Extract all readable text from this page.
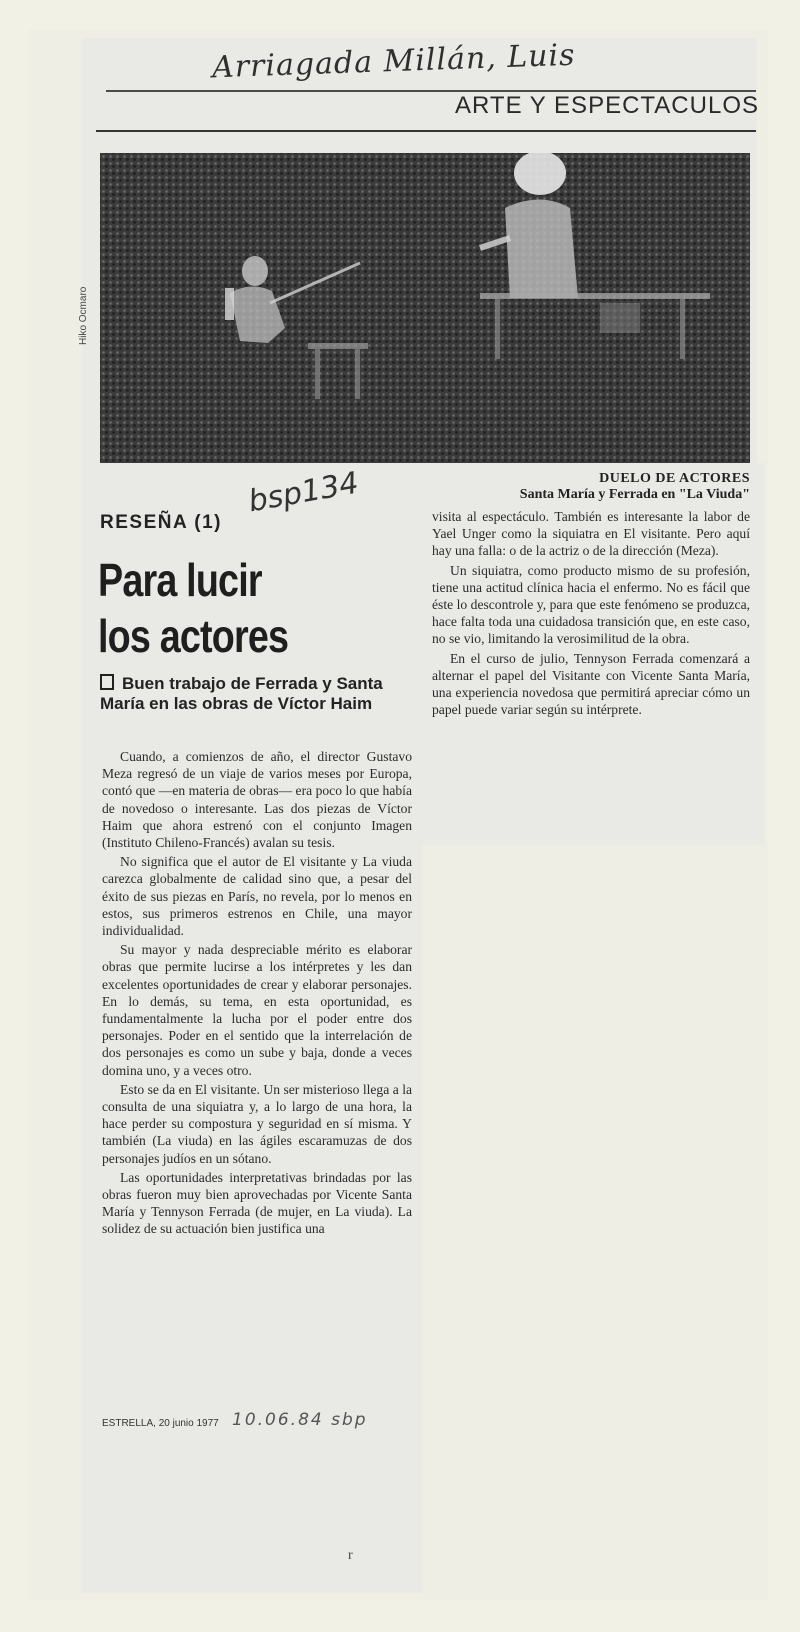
Arriagada Millán, Luis
ARTE Y ESPECTACULOS
Hiko Ocmaro
DUELO DE ACTORES
Santa María y Ferrada en "La Viuda"
RESEÑA (1)
bsp134
Para lucir
los actores
Buen trabajo de Ferrada y Santa María en las obras de Víctor Haim

Cuando, a comienzos de año, el director Gustavo Meza regresó de un viaje de varios meses por Europa, contó que —en materia de obras— era poco lo que había de novedoso o interesante. Las dos piezas de Víctor Haim que ahora estrenó con el conjunto Imagen (Instituto Chileno-Francés) avalan su tesis.

No significa que el autor de El visitante y La viuda carezca globalmente de calidad sino que, a pesar del éxito de sus piezas en París, no revela, por lo menos en estos, sus primeros estrenos en Chile, una mayor individualidad.

Su mayor y nada despreciable mérito es elaborar obras que permite lucirse a los intérpretes y les dan excelentes oportunidades de crear y elaborar personajes. En lo demás, su tema, en esta oportunidad, es fundamentalmente la lucha por el poder entre dos personajes. Poder en el sentido que la interrelación de dos personajes es como un sube y baja, donde a veces domina uno, y a veces otro.

Esto se da en El visitante. Un ser misterioso llega a la consulta de una siquiatra y, a lo largo de una hora, la hace perder su compostura y seguridad en sí misma. Y también (La viuda) en las ágiles escaramuzas de dos personajes judíos en un sótano.

Las oportunidades interpretativas brindadas por las obras fueron muy bien aprovechadas por Vicente Santa María y Tennyson Ferrada (de mujer, en La viuda). La solidez de su actuación bien justifica una

visita al espectáculo. También es interesante la labor de Yael Unger como la siquiatra en El visitante. Pero aquí hay una falla: o de la actriz o de la dirección (Meza).

Un siquiatra, como producto mismo de su profesión, tiene una actitud clínica hacia el enfermo. No es fácil que éste lo descontrole y, para que este fenómeno se produzca, hace falta toda una cuidadosa transición que, en este caso, no se vio, limitando la verosimilitud de la obra.

En el curso de julio, Tennyson Ferrada comenzará a alternar el papel del Visitante con Vicente Santa María, una experiencia novedosa que permitirá apreciar cómo un papel puede variar según su intérprete.

ESTRELLA, 20 junio 1977 10.06.84 sbp
r
